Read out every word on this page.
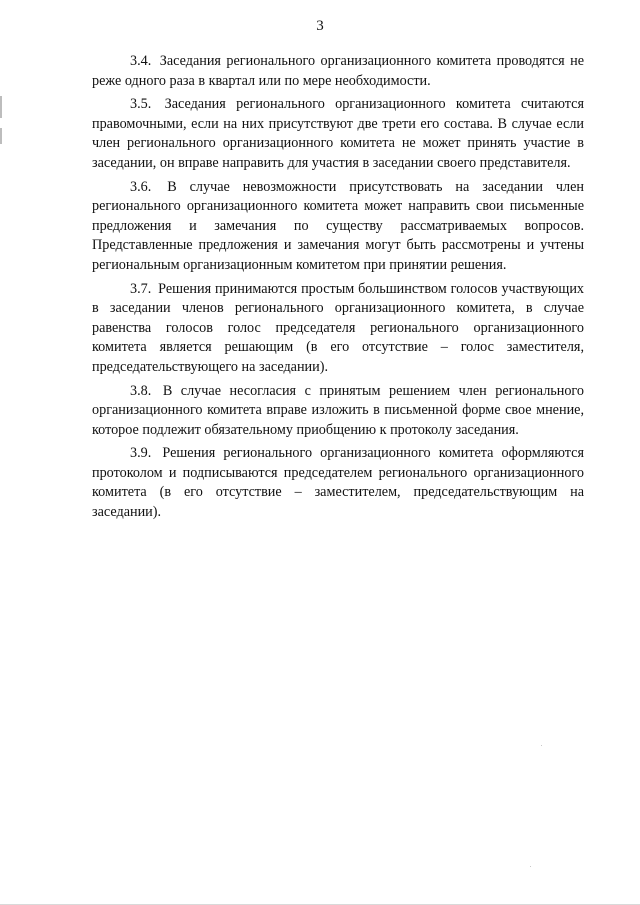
3

3.4. Заседания регионального организационного комитета проводятся не реже одного раза в квартал или по мере необходимости.

3.5. Заседания регионального организационного комитета считаются правомочными, если на них присутствуют две трети его состава. В случае если член регионального организационного комитета не может принять участие в заседании, он вправе направить для участия в заседании своего представителя.

3.6. В случае невозможности присутствовать на заседании член регионального организационного комитета может направить свои письменные предложения и замечания по существу рассматриваемых вопросов. Представленные предложения и замечания могут быть рассмотрены и учтены региональным организационным комитетом при принятии решения.

3.7. Решения принимаются простым большинством голосов участвующих в заседании членов регионального организационного комитета, в случае равенства голосов голос председателя регионального организационного комитета является решающим (в его отсутствие – голос заместителя, председательствующего на заседании).

3.8. В случае несогласия с принятым решением член регионального организационного комитета вправе изложить в письменной форме свое мнение, которое подлежит обязательному приобщению к протоколу заседания.

3.9. Решения регионального организационного комитета оформляются протоколом и подписываются председателем регионального организационного комитета (в его отсутствие – заместителем, председательствующим на заседании).
